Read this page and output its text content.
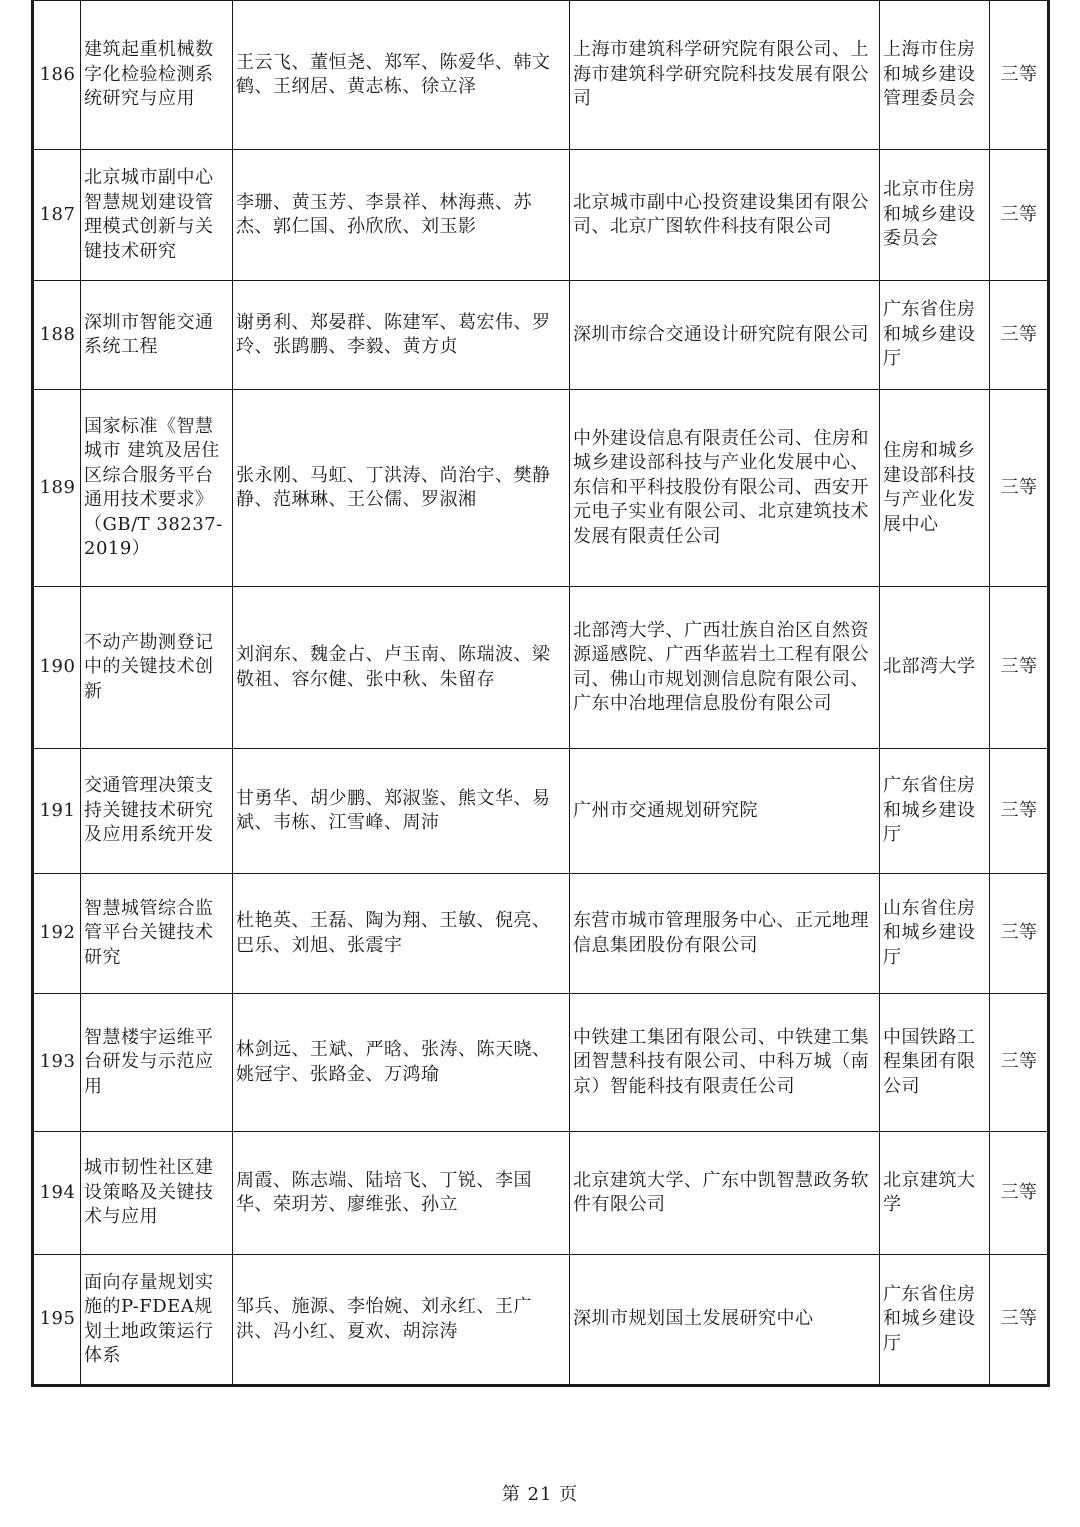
186	建筑起重机械数字化检验检测系统研究与应用	王云飞、董恒尧、郑军、陈爱华、韩文鹤、王纲居、黄志栋、徐立泽	上海市建筑科学研究院有限公司、上海市建筑科学研究院科技发展有限公司	上海市住房和城乡建设管理委员会	三等
187	北京城市副中心智慧规划建设管理模式创新与关键技术研究	李珊、黄玉芳、李景祥、林海燕、苏杰、郭仁国、孙欣欣、刘玉影	北京城市副中心投资建设集团有限公司、北京广图软件科技有限公司	北京市住房和城乡建设委员会	三等
188	深圳市智能交通系统工程	谢勇利、郑晏群、陈建军、葛宏伟、罗玲、张鹍鹏、李毅、黄方贞	深圳市综合交通设计研究院有限公司	广东省住房和城乡建设厅	三等
189	国家标准《智慧城市 建筑及居住区综合服务平台通用技术要求》（GB/T 38237-2019）	张永刚、马虹、丁洪涛、尚治宇、樊静静、范琳琳、王公儒、罗淑湘	中外建设信息有限责任公司、住房和城乡建设部科技与产业化发展中心、东信和平科技股份有限公司、西安开元电子实业有限公司、北京建筑技术发展有限责任公司	住房和城乡建设部科技与产业化发展中心	三等
190	不动产勘测登记中的关键技术创新	刘润东、魏金占、卢玉南、陈瑞波、梁敬祖、容尔健、张中秋、朱留存	北部湾大学、广西壮族自治区自然资源遥感院、广西华蓝岩土工程有限公司、佛山市规划测信息院有限公司、广东中冶地理信息股份有限公司	北部湾大学	三等
191	交通管理决策支持关键技术研究及应用系统开发	甘勇华、胡少鹏、郑淑鉴、熊文华、易斌、韦栋、江雪峰、周沛	广州市交通规划研究院	广东省住房和城乡建设厅	三等
192	智慧城管综合监管平台关键技术研究	杜艳英、王磊、陶为翔、王敏、倪亮、巴乐、刘旭、张震宇	东营市城市管理服务中心、正元地理信息集团股份有限公司	山东省住房和城乡建设厅	三等
193	智慧楼宇运维平台研发与示范应用	林剑远、王斌、严晗、张涛、陈天晓、姚冠宇、张路金、万鸿瑜	中铁建工集团有限公司、中铁建工集团智慧科技有限公司、中科万城（南京）智能科技有限责任公司	中国铁路工程集团有限公司	三等
194	城市韧性社区建设策略及关键技术与应用	周霞、陈志端、陆培飞、丁锐、李国华、荣玥芳、廖维张、孙立	北京建筑大学、广东中凯智慧政务软件有限公司	北京建筑大学	三等
195	面向存量规划实施的P-FDEA规划土地政策运行体系	邹兵、施源、李怡婉、刘永红、王广洪、冯小红、夏欢、胡淙涛	深圳市规划国土发展研究中心	广东省住房和城乡建设厅	三等
第 21 页
